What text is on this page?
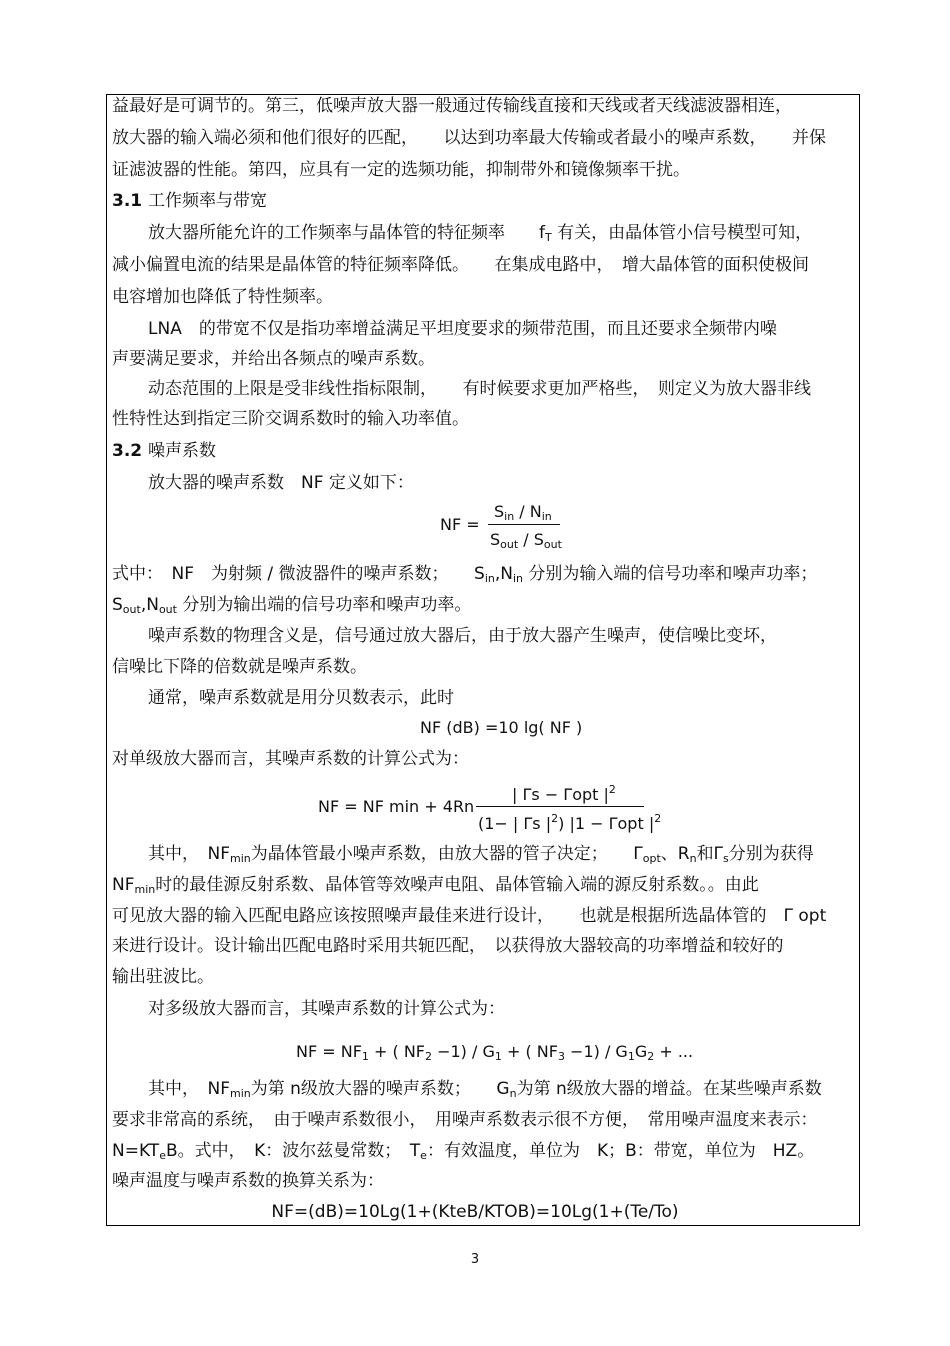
益最好是可调节的。第三，低噪声放大器一般通过传输线直接和天线或者天线滤波器相连，
放大器的输入端必须和他们很好的匹配，　　以达到功率最大传输或者最小的噪声系数，　　并保
证滤波器的性能。第四，应具有一定的选频功能，抑制带外和镜像频率干扰。
3.1 工作频率与带宽
放大器所能允许的工作频率与晶体管的特征频率　　$f_T$ 有关，由晶体管小信号模型可知，
减小偏置电流的结果是晶体管的特征频率降低。　　在集成电路中，　增大晶体管的面积使极间
电容增加也降低了特性频率。
LNA　的带宽不仅是指功率增益满足平坦度要求的频带范围，而且还要求全频带内噪
声要满足要求，并给出各频点的噪声系数。
动态范围的上限是受非线性指标限制，　　有时候要求更加严格些，　则定义为放大器非线
性特性达到指定三阶交调系数时的输入功率值。
3.2 噪声系数
放大器的噪声系数　NF 定义如下：
NF =
$S_{in} / N_{in}$
$S_{out} / S_{out}$
式中：　NF　为射频 / 微波器件的噪声系数；　　$S_{in},N_{in}$ 分别为输入端的信号功率和噪声功率；
$S_{out},N_{out}$ 分别为输出端的信号功率和噪声功率。
噪声系数的物理含义是，信号通过放大器后，由于放大器产生噪声，使信噪比变坏，
信噪比下降的倍数就是噪声系数。
通常，噪声系数就是用分贝数表示，此时
NF (dB) =10 lg( NF )
对单级放大器而言，其噪声系数的计算公式为：
NF = NF min + 4Rn
| Γs − Γopt $|^2$
(1− | Γs $|^2$) |1 − Γopt $|^2$
其中，　$NF_{min}$为晶体管最小噪声系数，由放大器的管子决定；　　$\Gamma_{opt}$、$R_n$和$\Gamma_s$分别为获得
$NF_{min}$时的最佳源反射系数、晶体管等效噪声电阻、晶体管输入端的源反射系数。。由此
可见放大器的输入匹配电路应该按照噪声最佳来进行设计，　　也就是根据所选晶体管的　Γ opt
来进行设计。设计输出匹配电路时采用共轭匹配，　以获得放大器较高的功率增益和较好的
输出驻波比。
对多级放大器而言，其噪声系数的计算公式为：
NF = $NF_1$ + ( $NF_2 -1) / G_1$ + ( $NF_3 -1) / G_1G_2$ + ...
其中，　$NF_{min}$为第 n级放大器的噪声系数；　　$G_n$为第 n级放大器的增益。在某些噪声系数
要求非常高的系统，　由于噪声系数很小，　用噪声系数表示很不方便，　常用噪声温度来表示：
$N=KT_eB$。式中，　K：波尔兹曼常数；　$T_e$：有效温度，单位为　K；B：带宽，单位为　HZ。
噪声温度与噪声系数的换算关系为：
NF=(dB)=10Lg(1+(KteB/KTOB)=10Lg(1+(Te/To)
3
